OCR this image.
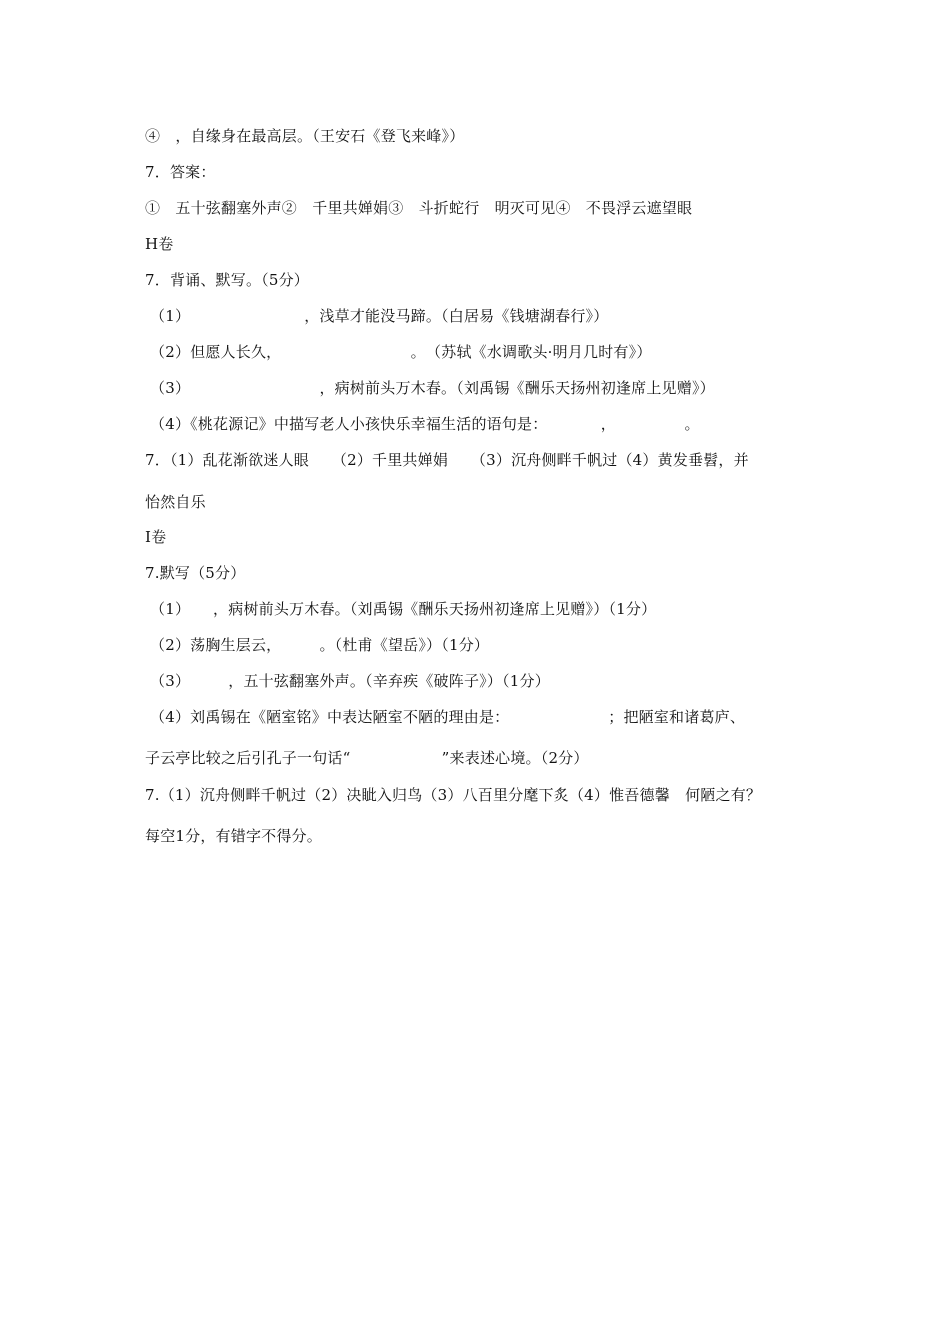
④　，自缘身在最高层。（王安石《登飞来峰》）
7．答案：
①　五十弦翻塞外声②　千里共婵娟③　斗折蛇行　明灭可见④　不畏浮云遮望眼
H卷
7．背诵、默写。（5分）
（1）　　　　　　　　，浅草才能没马蹄。（白居易《钱塘湖春行》）
（2）但愿人长久，　　　　　　　　　。　（苏轼《水调歌头·明月几时有》）
（3）　　　　　　　　　，病树前头万木春。（刘禹锡《酬乐天扬州初逢席上见赠》）
（4）《桃花源记》中描写老人小孩快乐幸福生活的语句是：　　　　，　　　　　。
7．（1）乱花渐欲迷人眼　　（2）千里共婵娟　　（3）沉舟侧畔千帆过（4）黄发垂髫，并
怡然自乐
I卷
7.默写（5分）
（1）　　，病树前头万木春。（刘禹锡《酬乐天扬州初逢席上见赠》）（1分）
（2）荡胸生层云，　　　。（杜甫《望岳》）（1分）
（3）　　　，五十弦翻塞外声。（辛弃疾《破阵子》）（1分）
（4）刘禹锡在《陋室铭》中表达陋室不陋的理由是：　　　　　　　；把陋室和诸葛庐、
子云亭比较之后引孔子一句话“　　　　　　”来表述心境。（2分）
7.（1）沉舟侧畔千帆过（2）决眦入归鸟（3）八百里分麾下炙（4）惟吾德馨　何陋之有？
每空1分，有错字不得分。
